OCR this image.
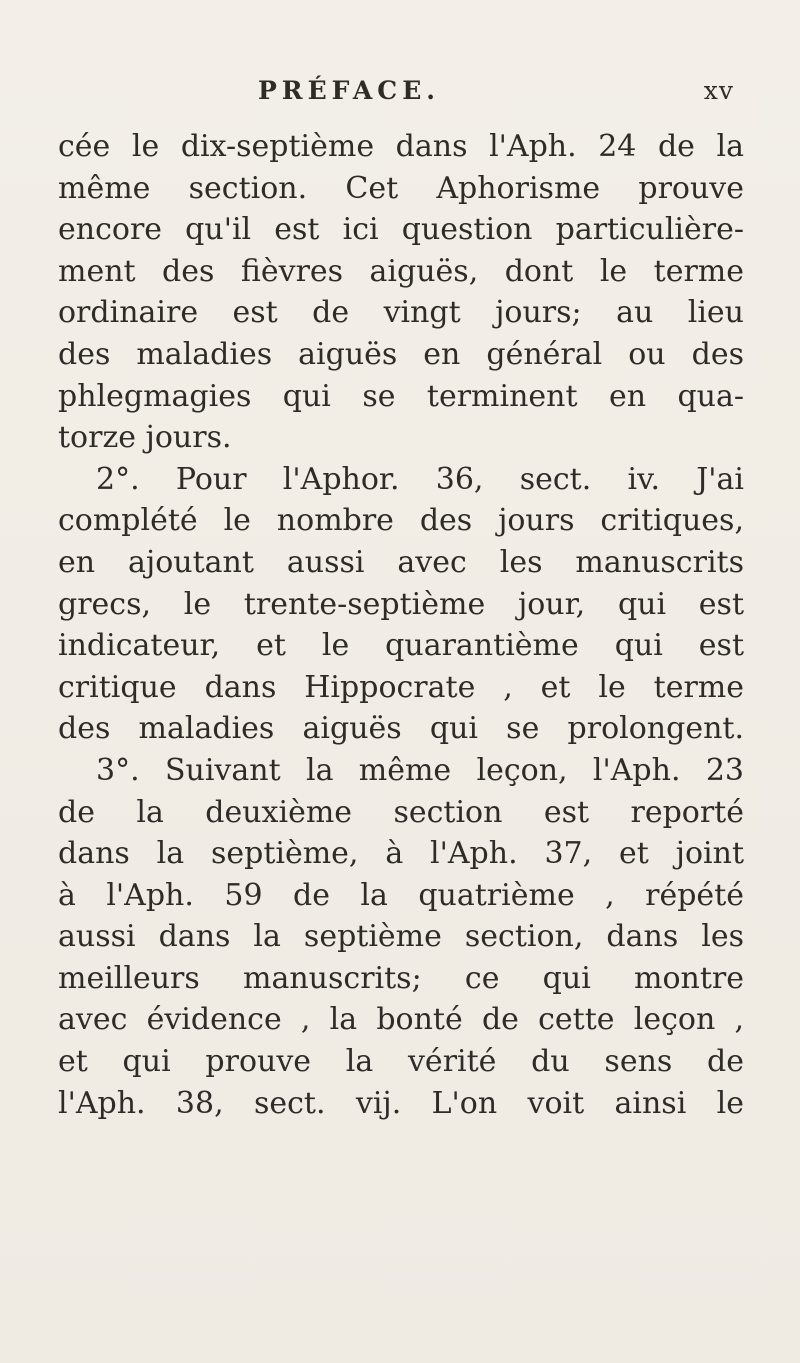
PRÉFACE.	xv
cée le dix-septième dans l'Aph. 24 de la
même section. Cet Aphorisme prouve
encore qu'il est ici question particulière-
ment des fièvres aiguës, dont le terme
ordinaire est de vingt jours; au lieu
des maladies aiguës en général ou des
phlegmagies qui se terminent en qua-
torze jours.
2°. Pour l'Aphor. 36, sect. iv. J'ai
complété le nombre des jours critiques,
en ajoutant aussi avec les manuscrits
grecs, le trente-septième jour, qui est
indicateur, et le quarantième qui est
critique dans Hippocrate , et le terme
des maladies aiguës qui se prolongent.
3°. Suivant la même leçon, l'Aph. 23
de la deuxième section est reporté
dans la septième, à l'Aph. 37, et joint
à l'Aph. 59 de la quatrième , répété
aussi dans la septième section, dans les
meilleurs manuscrits; ce qui montre
avec évidence , la bonté de cette leçon ,
et qui prouve la vérité du sens de
l'Aph. 38, sect. vij. L'on voit ainsi le
